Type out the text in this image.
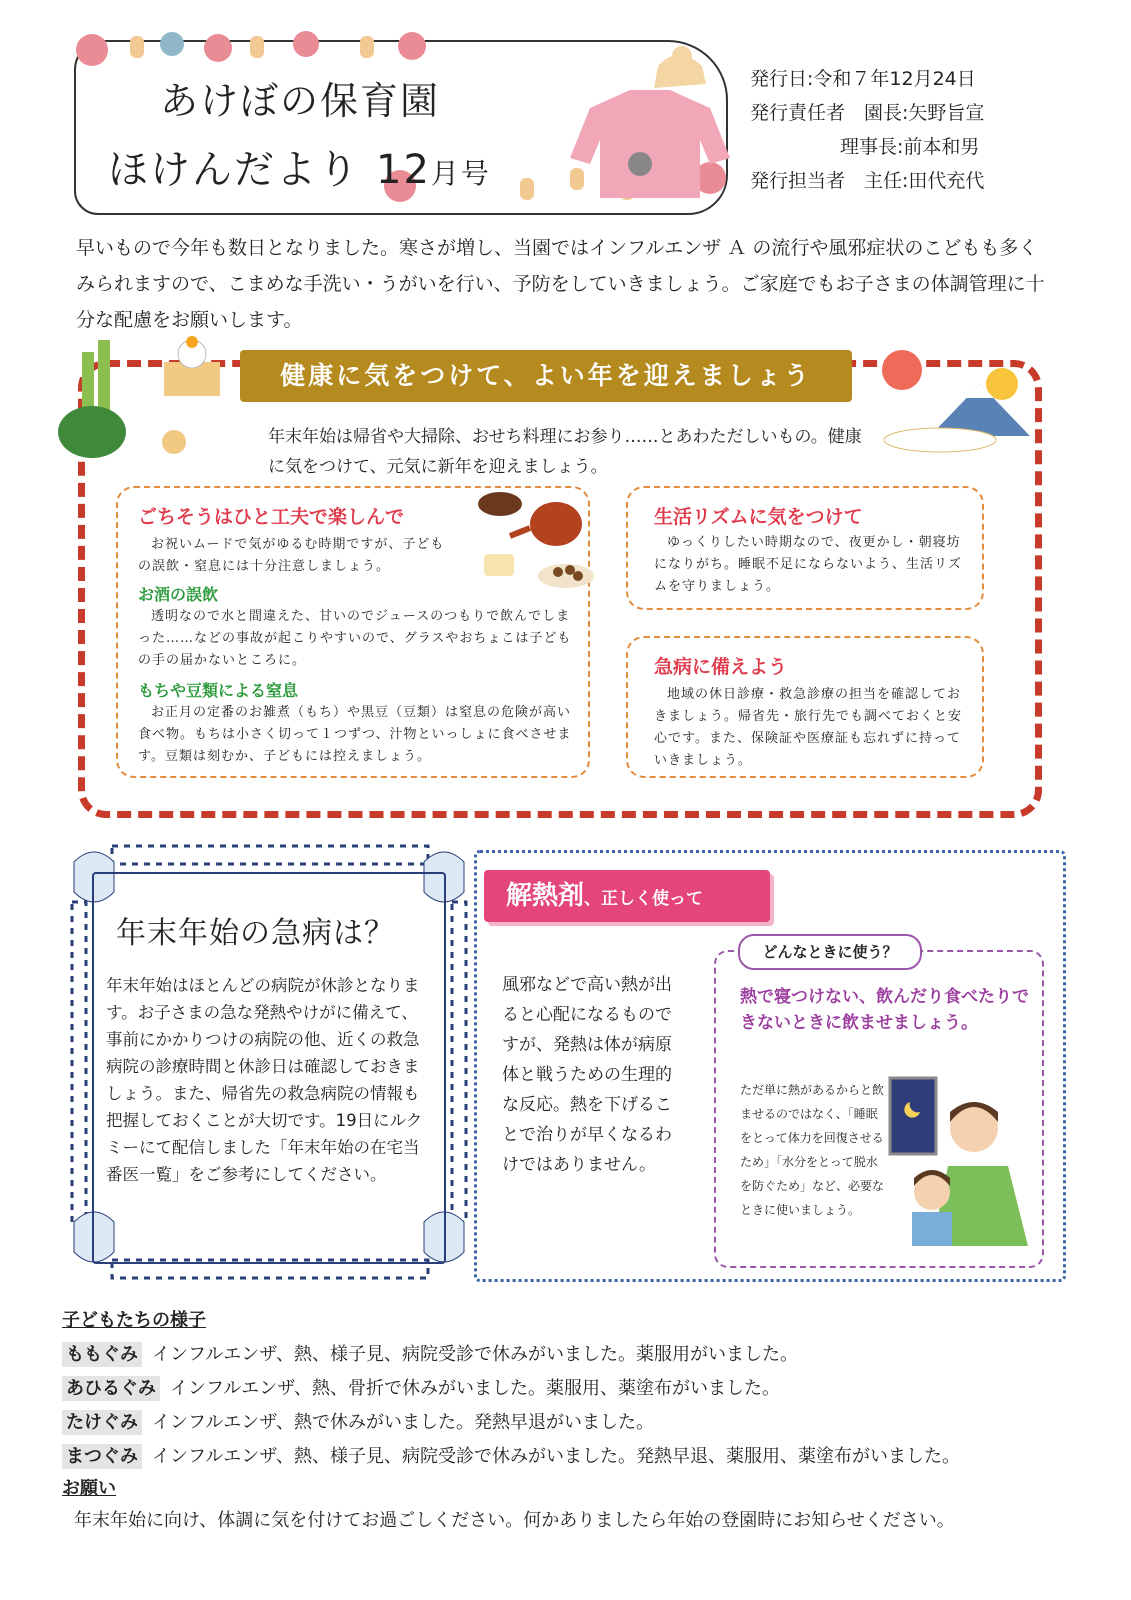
あけぼの保育園
ほけんだより 12月号
発行日:令和７年12月24日
発行責任者　園長:矢野旨宣
理事長:前本和男
発行担当者　主任:田代充代
早いもので今年も数日となりました。寒さが増し、当園ではインフルエンザ Ａ の流行や風邪症状のこどもも多くみられますので、こまめな手洗い・うがいを行い、予防をしていきましょう。ご家庭でもお子さまの体調管理に十分な配慮をお願いします。
健康に気をつけて、よい年を迎えましょう
年末年始は帰省や大掃除、おせち料理にお参り……とあわただしいもの。健康に気をつけて、元気に新年を迎えましょう。
ごちそうはひと工夫で楽しんで
お祝いムードで気がゆるむ時期ですが、子どもの誤飲・窒息には十分注意しましょう。
お酒の誤飲
透明なので水と間違えた、甘いのでジュースのつもりで飲んでしまった……などの事故が起こりやすいので、グラスやおちょこは子どもの手の届かないところに。
もちや豆類による窒息
お正月の定番のお雑煮（もち）や黒豆（豆類）は窒息の危険が高い食べ物。もちは小さく切って１つずつ、汁物といっしょに食べさせます。豆類は刻むか、子どもには控えましょう。
生活リズムに気をつけて
ゆっくりしたい時期なので、夜更かし・朝寝坊になりがち。睡眠不足にならないよう、生活リズムを守りましょう。
急病に備えよう
地域の休日診療・救急診療の担当を確認しておきましょう。帰省先・旅行先でも調べておくと安心です。また、保険証や医療証も忘れずに持っていきましょう。
年末年始の急病は？
年末年始はほとんどの病院が休診となります。お子さまの急な発熱やけがに備えて、事前にかかりつけの病院の他、近くの救急病院の診療時間と休診日は確認しておきましょう。また、帰省先の救急病院の情報も把握しておくことが大切です。19日にルクミーにて配信しました「年末年始の在宅当番医一覧」をご参考にしてください。
解熱剤、正しく使って
風邪などで高い熱が出ると心配になるものですが、発熱は体が病原体と戦うための生理的な反応。熱を下げることで治りが早くなるわけではありません。
どんなときに使う？
熱で寝つけない、飲んだり食べたりできないときに飲ませましょう。
ただ単に熱があるからと飲ませるのではなく、「睡眠をとって体力を回復させるため」「水分をとって脱水を防ぐため」など、必要なときに使いましょう。
子どもたちの様子
ももぐみ インフルエンザ、熱、様子見、病院受診で休みがいました。薬服用がいました。
あひるぐみ インフルエンザ、熱、骨折で休みがいました。薬服用、薬塗布がいました。
たけぐみ インフルエンザ、熱で休みがいました。発熱早退がいました。
まつぐみ インフルエンザ、熱、様子見、病院受診で休みがいました。発熱早退、薬服用、薬塗布がいました。
お願い
年末年始に向け、体調に気を付けてお過ごしください。何かありましたら年始の登園時にお知らせください。
